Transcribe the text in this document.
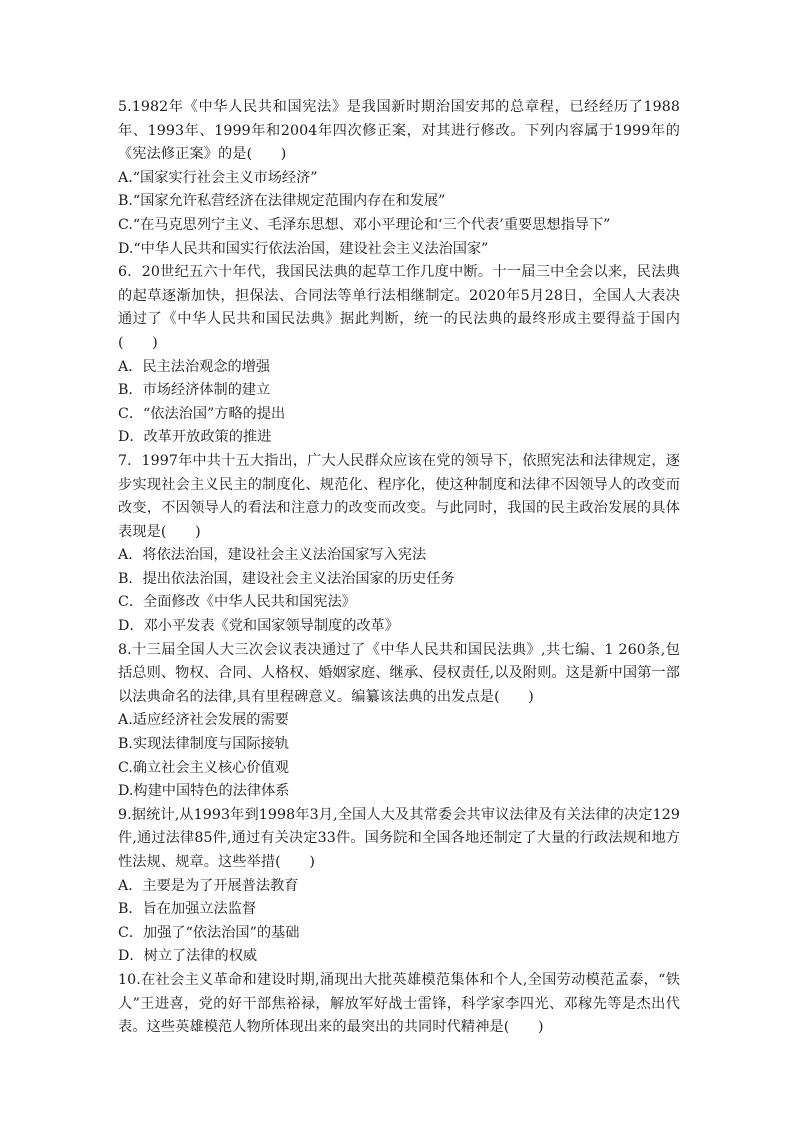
5.1982年《中华人民共和国宪法》是我国新时期治国安邦的总章程，已经经历了1988年、1993年、1999年和2004年四次修正案，对其进行修改。下列内容属于1999年的《宪法修正案》的是(　　)

A.“国家实行社会主义市场经济”

B.“国家允许私营经济在法律规定范围内存在和发展”

C.“在马克思列宁主义、毛泽东思想、邓小平理论和‘三个代表’重要思想指导下”

D.“中华人民共和国实行依法治国，建设社会主义法治国家”

6．20世纪五六十年代，我国民法典的起草工作几度中断。十一届三中全会以来，民法典的起草逐渐加快，担保法、合同法等单行法相继制定。2020年5月28日，全国人大表决通过了《中华人民共和国民法典》据此判断，统一的民法典的最终形成主要得益于国内(　　)

A．民主法治观念的增强

B．市场经济体制的建立

C．“依法治国”方略的提出

D．改革开放政策的推进

7．1997年中共十五大指出，广大人民群众应该在党的领导下，依照宪法和法律规定，逐步实现社会主义民主的制度化、规范化、程序化，使这种制度和法律不因领导人的改变而改变，不因领导人的看法和注意力的改变而改变。与此同时，我国的民主政治发展的具体表现是(　　)

A．将依法治国，建设社会主义法治国家写入宪法

B．提出依法治国，建设社会主义法治国家的历史任务

C．全面修改《中华人民共和国宪法》

D．邓小平发表《党和国家领导制度的改革》

8.十三届全国人大三次会议表决通过了《中华人民共和国民法典》,共七编、1 260条,包括总则、物权、合同、人格权、婚姻家庭、继承、侵权责任,以及附则。这是新中国第一部以法典命名的法律,具有里程碑意义。编纂该法典的出发点是(　　)

A.适应经济社会发展的需要

B.实现法律制度与国际接轨

C.确立社会主义核心价值观

D.构建中国特色的法律体系

9.据统计,从1993年到1998年3月,全国人大及其常委会共审议法律及有关法律的决定129件,通过法律85件,通过有关决定33件。国务院和全国各地还制定了大量的行政法规和地方性法规、规章。这些举措(　　)

A．主要是为了开展普法教育

B．旨在加强立法监督

C．加强了“依法治国”的基础

D．树立了法律的权威

10.在社会主义革命和建设时期,涌现出大批英雄模范集体和个人,全国劳动模范孟泰，“铁人”王进喜，党的好干部焦裕禄，解放军好战士雷锋，科学家李四光、邓稼先等是杰出代表。这些英雄模范人物所体现出来的最突出的共同时代精神是(　　)
